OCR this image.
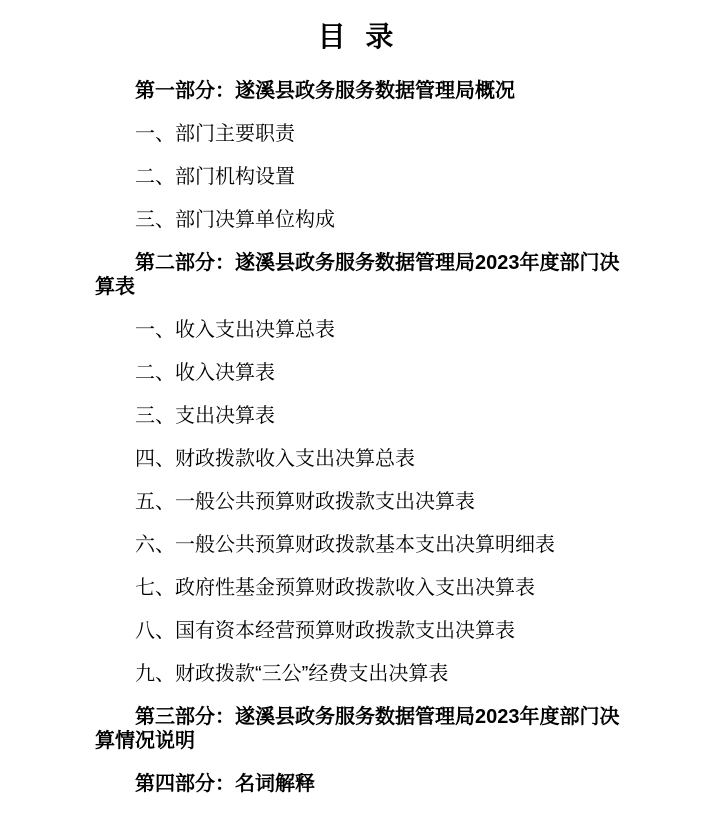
目 录
第一部分：遂溪县政务服务数据管理局概况
一、部门主要职责
二、部门机构设置
三、部门决算单位构成
第二部分：遂溪县政务服务数据管理局2023年度部门决
算表
一、收入支出决算总表
二、收入决算表
三、支出决算表
四、财政拨款收入支出决算总表
五、一般公共预算财政拨款支出决算表
六、一般公共预算财政拨款基本支出决算明细表
七、政府性基金预算财政拨款收入支出决算表
八、国有资本经营预算财政拨款支出决算表
九、财政拨款“三公”经费支出决算表
第三部分：遂溪县政务服务数据管理局2023年度部门决
算情况说明
第四部分：名词解释
